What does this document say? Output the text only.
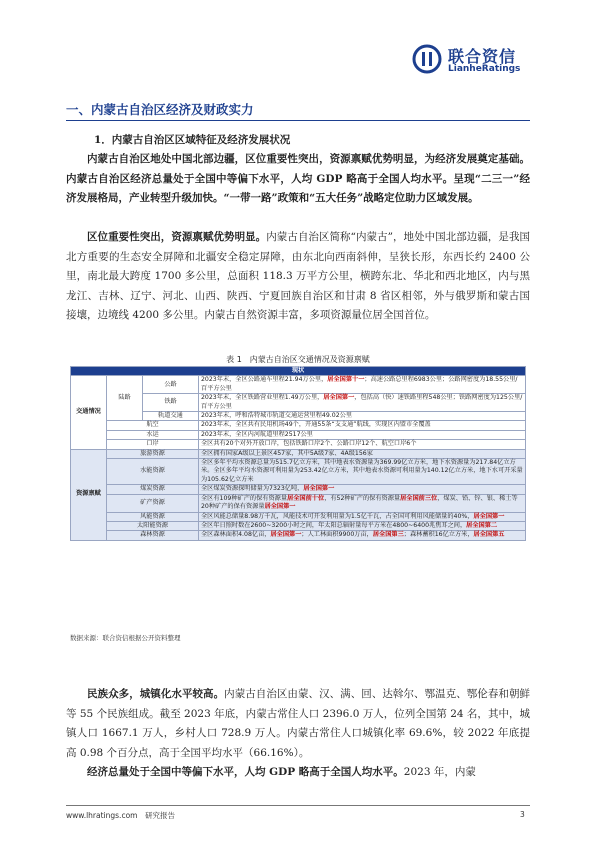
联合资信
LianheRatings
一、内蒙古自治区经济及财政实力
1．内蒙古自治区区域特征及经济发展状况
内蒙古自治区地处中国北部边疆，区位重要性突出，资源禀赋优势明显，为经济发展奠定基础。内蒙古自治区经济总量处于全国中等偏下水平，人均 GDP 略高于全国人均水平。呈现“二三一”经济发展格局，产业转型升级加快。“一带一路”政策和“五大任务”战略定位助力区域发展。
区位重要性突出，资源禀赋优势明显。内蒙古自治区简称“内蒙古”，地处中国北部边疆，是我国北方重要的生态安全屏障和北疆安全稳定屏障，由东北向西南斜伸，呈狭长形，东西长约 2400 公里，南北最大跨度 1700 多公里，总面积 118.3 万平方公里，横跨东北、华北和西北地区，内与黑龙江、吉林、辽宁、河北、山西、陕西、宁夏回族自治区和甘肃 8 省区相邻，外与俄罗斯和蒙古国接壤，边境线 4200 多公里。内蒙古自然资源丰富，多项资源量位居全国首位。
表 1　内蒙古自治区交通情况及资源禀赋
现状			
交通情况	陆路	公路	2023年末，全区公路通车里程21.94万公里，居全国第十一；高速公路总里程6983公里；公路网密度为18.55公里/百平方公里
		铁路	2023年末，全区铁路营业里程1.49万公里，居全国第一，包括高（快）速铁路里程548公里；铁路网密度为125公里/百平方公里
		轨道交通	2023年末，呼和浩特城市轨道交通运营里程49.02公里
	航空		2023年末，全区共有民用机场49个，开通55条“支支通”航线，实现区内盟市全覆盖
	水运		2023年末，全区内河航道里程2517公里
	口岸		全区共有20个对外开放口岸，包括铁路口岸2个、公路口岸12个、航空口岸6个
资源禀赋	旅游资源		全区拥有国家A级以上景区457家，其中5A级7家、4A级156家
	水能资源		全区多年平均水资源总量为515.7亿立方米，其中地表水资源量为369.99亿立方米，地下水资源量为217.84亿立方米。全区多年平均水资源可利用量为253.42亿立方米，其中地表水资源可利用量为140.12亿立方米，地下水可开采量为105.62亿立方米
	煤炭资源		全区煤炭资源探明储量为7323亿吨，居全国第一
	矿产资源		全区有109种矿产的保有资源量居全国前十位，有52种矿产的保有资源量居全国前三位，煤炭、铅、锌、银、稀土等20种矿产的保有资源量居全国第一
	风能资源		全区风能总储量8.98万千瓦，风能技术可开发利用量为1.5亿千瓦，占全国可利用风能储量的40%，居全国第一
	太阳能资源		全区年日照时数在2600~3200小时之间，年太阳总辐射量每平方米在4800~6400兆焦耳之间，居全国第二
	森林资源		全区森林面积4.08亿亩，居全国第一；人工林面积9900万亩，居全国第三；森林蓄积16亿立方米，居全国第五
数据来源：联合资信根据公开资料整理
民族众多，城镇化水平较高。内蒙古自治区由蒙、汉、满、回、达斡尔、鄂温克、鄂伦春和朝鲜等 55 个民族组成。截至 2023 年底，内蒙古常住人口 2396.0 万人，位列全国第 24 名，其中，城镇人口 1667.1 万人，乡村人口 728.9 万人。内蒙古常住人口城镇化率 69.6%，较 2022 年底提高 0.98 个百分点，高于全国平均水平（66.16%）。
经济总量处于全国中等偏下水平，人均 GDP 略高于全国人均水平。2023 年，内蒙
www.lhratings.com　研究报告	3
